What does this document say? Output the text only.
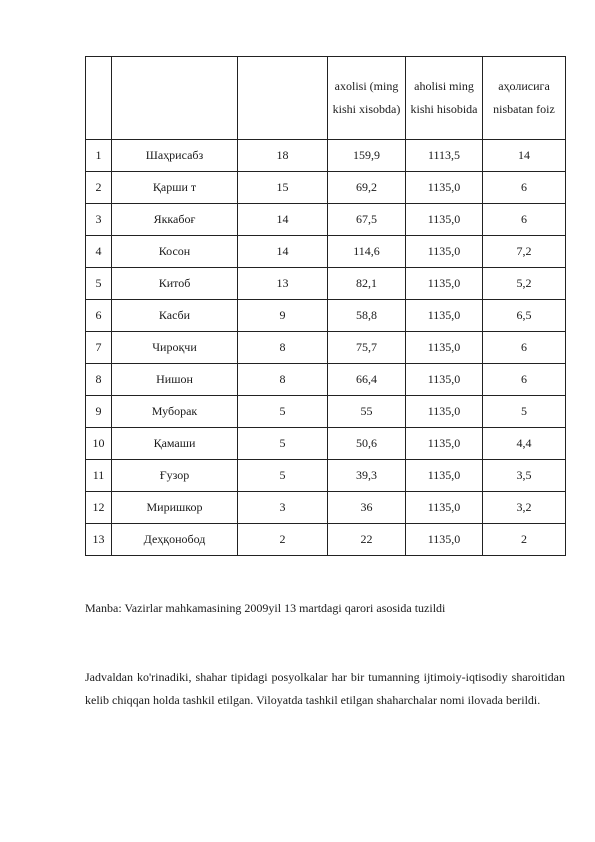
			axolisi (ming kishi xisobda)	aholisi ming kishi hisobida	аҳолисига nisbatan foiz
1	Шаҳрисабз	18	159,9	1113,5	14
2	Қарши т	15	69,2	1135,0	6
3	Яккабоғ	14	67,5	1135,0	6
4	Косон	14	114,6	1135,0	7,2
5	Китоб	13	82,1	1135,0	5,2
6	Касби	9	58,8	1135,0	6,5
7	Чироқчи	8	75,7	1135,0	6
8	Нишон	8	66,4	1135,0	6
9	Муборак	5	55	1135,0	5
10	Қамаши	5	50,6	1135,0	4,4
11	Ғузор	5	39,3	1135,0	3,5
12	Миришкор	3	36	1135,0	3,2
13	Деҳқонобод	2	22	1135,0	2
Manba: Vazirlar mahkamasining 2009yil 13 martdagi qarori asosida tuzildi

Jadvaldan ko'rinadiki, shahar tipidagi posyolkalar har bir tumanning ijtimoiy-iqtisodiy sharoitidan kelib chiqqan holda tashkil etilgan. Viloyatda tashkil etilgan shaharchalar nomi ilovada berildi.
